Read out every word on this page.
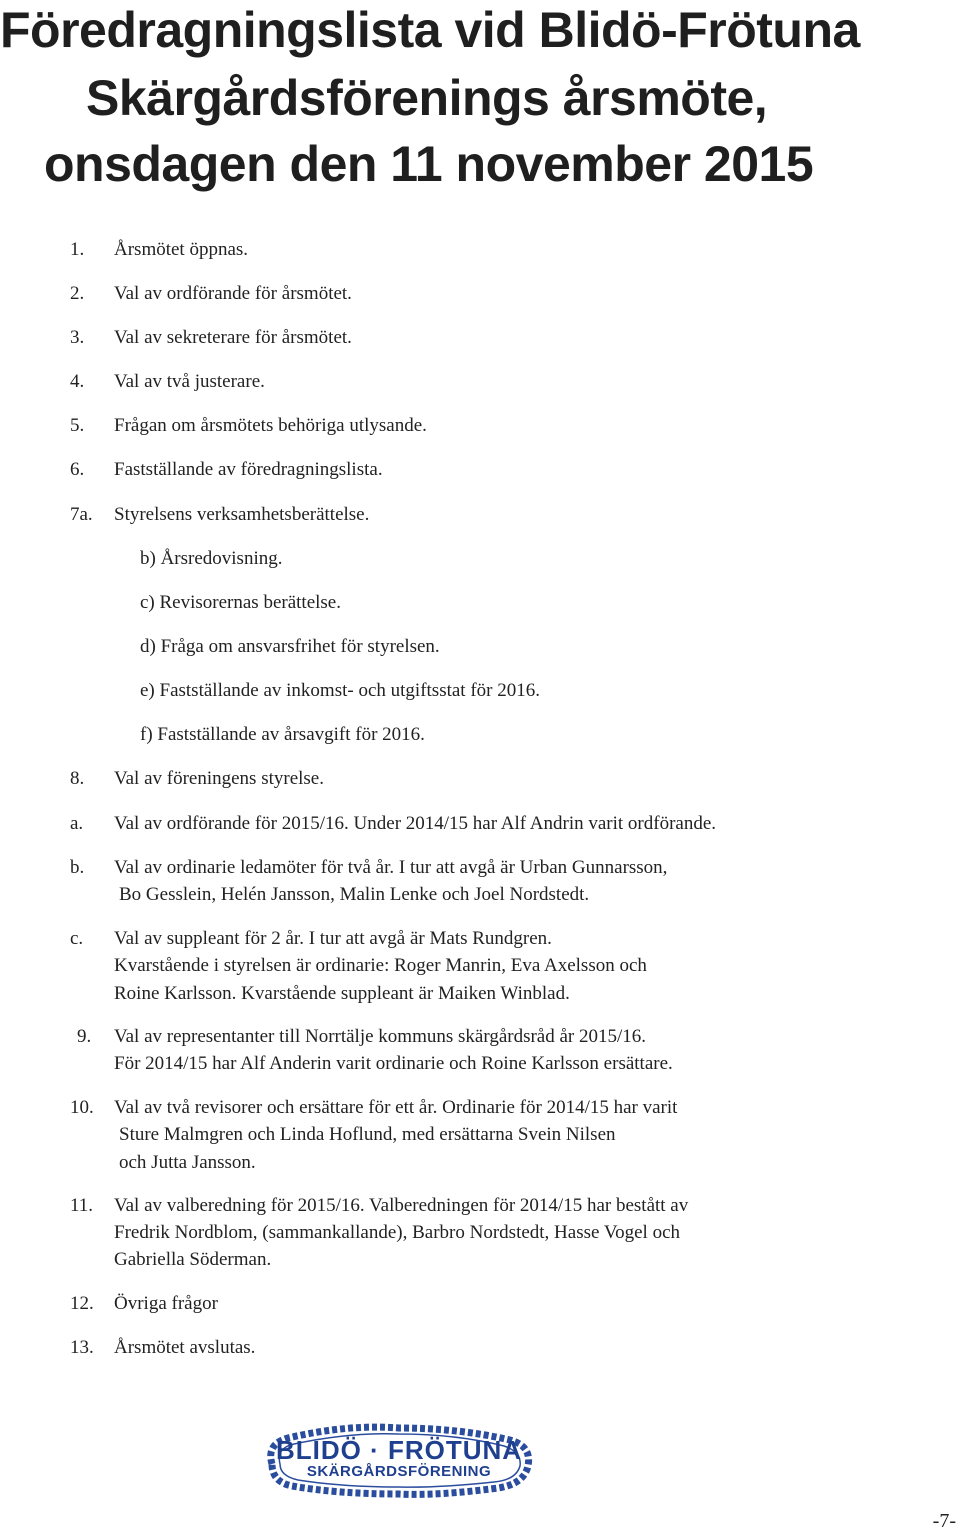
Föredragningslista vid Blidö-Frötuna
Skärgårdsförenings årsmöte,
onsdagen den 11 november 2015
1. Årsmötet öppnas.
2. Val av ordförande för årsmötet.
3. Val av sekreterare för årsmötet.
4. Val av två justerare.
5. Frågan om årsmötets behöriga utlysande.
6. Fastställande av föredragningslista.
7a. Styrelsens verksamhetsberättelse.
b) Årsredovisning.
c) Revisorernas berättelse.
d) Fråga om ansvarsfrihet för styrelsen.
e) Fastställande av inkomst- och utgiftsstat för 2016.
f) Fastställande av årsavgift för 2016.
8. Val av föreningens styrelse.
a. Val av ordförande för 2015/16. Under 2014/15 har Alf Andrin varit ordförande.
b. Val av ordinarie ledamöter för två år. I tur att avgå är Urban Gunnarsson,
Bo Gesslein, Helén Jansson, Malin Lenke och Joel Nordstedt.
c. Val av suppleant för 2 år. I tur att avgå är Mats Rundgren.
Kvarstående i styrelsen är ordinarie: Roger Manrin, Eva Axelsson och
Roine Karlsson. Kvarstående suppleant är Maiken Winblad.
9. Val av representanter till Norrtälje kommuns skärgårdsråd år 2015/16.
För 2014/15 har Alf Anderin varit ordinarie och Roine Karlsson ersättare.
10. Val av två revisorer och ersättare för ett år. Ordinarie för 2014/15 har varit
Sture Malmgren och Linda Hoflund, med ersättarna Svein Nilsen
och Jutta Jansson.
11. Val av valberedning för 2015/16. Valberedningen för 2014/15 har bestått av
Fredrik Nordblom, (sammankallande), Barbro Nordstedt, Hasse Vogel och
Gabriella Söderman.
12. Övriga frågor
13. Årsmötet avslutas.
BLIDÖ · FRÖTUNA
SKÄRGÅRDSFÖRENING
-7-
